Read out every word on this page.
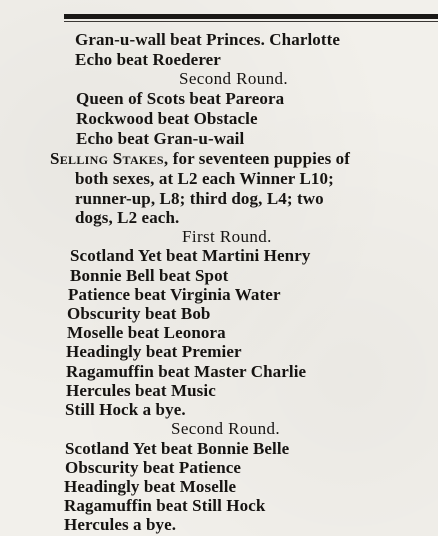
Gran-u-wall beat Princes. Charlotte
Echo beat Roederer
Second Round.
Queen of Scots beat Pareora
Rockwood beat Obstacle
Echo beat Gran-u-wail
Selling Stakes, for seventeen puppies of
both sexes, at L2 each Winner L10;
runner-up, L8; third dog, L4; two
dogs, L2 each.
First Round.
Scotland Yet beat Martini Henry
Bonnie Bell beat Spot
Patience beat Virginia Water
Obscurity beat Bob
Moselle beat Leonora
Headingly beat Premier
Ragamuffin beat Master Charlie
Hercules beat Music
Still Hock a bye.
Second Round.
Scotland Yet beat Bonnie Belle
Obscurity beat Patience
Headingly beat Moselle
Ragamuffin beat Still Hock
Hercules a bye.
